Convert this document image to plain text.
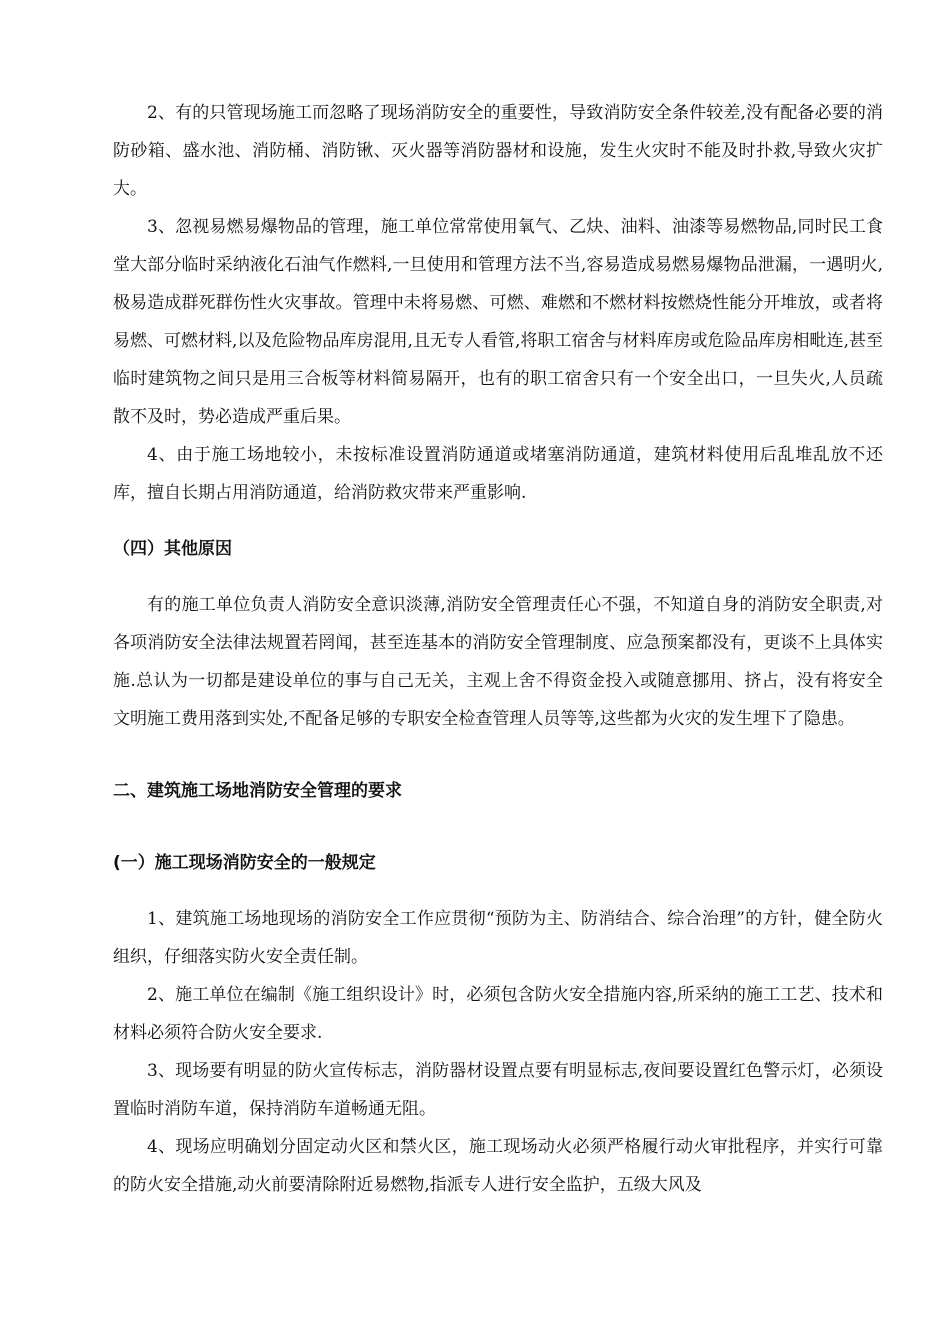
2、有的只管现场施工而忽略了现场消防安全的重要性，导致消防安全条件较差,没有配备必要的消防砂箱、盛水池、消防桶、消防锹、灭火器等消防器材和设施，发生火灾时不能及时扑救,导致火灾扩大。

3、忽视易燃易爆物品的管理，施工单位常常使用氧气、乙炔、油料、油漆等易燃物品,同时民工食堂大部分临时采纳液化石油气作燃料,一旦使用和管理方法不当,容易造成易燃易爆物品泄漏，一遇明火,极易造成群死群伤性火灾事故。管理中未将易燃、可燃、难燃和不燃材料按燃烧性能分开堆放，或者将易燃、可燃材料,以及危险物品库房混用,且无专人看管,将职工宿舍与材料库房或危险品库房相毗连,甚至临时建筑物之间只是用三合板等材料简易隔开，也有的职工宿舍只有一个安全出口，一旦失火,人员疏散不及时，势必造成严重后果。

4、由于施工场地较小，未按标准设置消防通道或堵塞消防通道，建筑材料使用后乱堆乱放不还库，擅自长期占用消防通道，给消防救灾带来严重影响.

（四）其他原因

有的施工单位负责人消防安全意识淡薄,消防安全管理责任心不强，不知道自身的消防安全职责,对各项消防安全法律法规置若罔闻，甚至连基本的消防安全管理制度、应急预案都没有，更谈不上具体实施.总认为一切都是建设单位的事与自己无关，主观上舍不得资金投入或随意挪用、挤占，没有将安全文明施工费用落到实处,不配备足够的专职安全检查管理人员等等,这些都为火灾的发生埋下了隐患。

二、建筑施工场地消防安全管理的要求

(一）施工现场消防安全的一般规定

1、建筑施工场地现场的消防安全工作应贯彻“预防为主、防消结合、综合治理”的方针，健全防火组织，仔细落实防火安全责任制。

2、施工单位在编制《施工组织设计》时，必须包含防火安全措施内容,所采纳的施工工艺、技术和材料必须符合防火安全要求.

3、现场要有明显的防火宣传标志，消防器材设置点要有明显标志,夜间要设置红色警示灯，必须设置临时消防车道，保持消防车道畅通无阻。

4、现场应明确划分固定动火区和禁火区，施工现场动火必须严格履行动火审批程序，并实行可靠的防火安全措施,动火前要清除附近易燃物,指派专人进行安全监护，五级大风及
